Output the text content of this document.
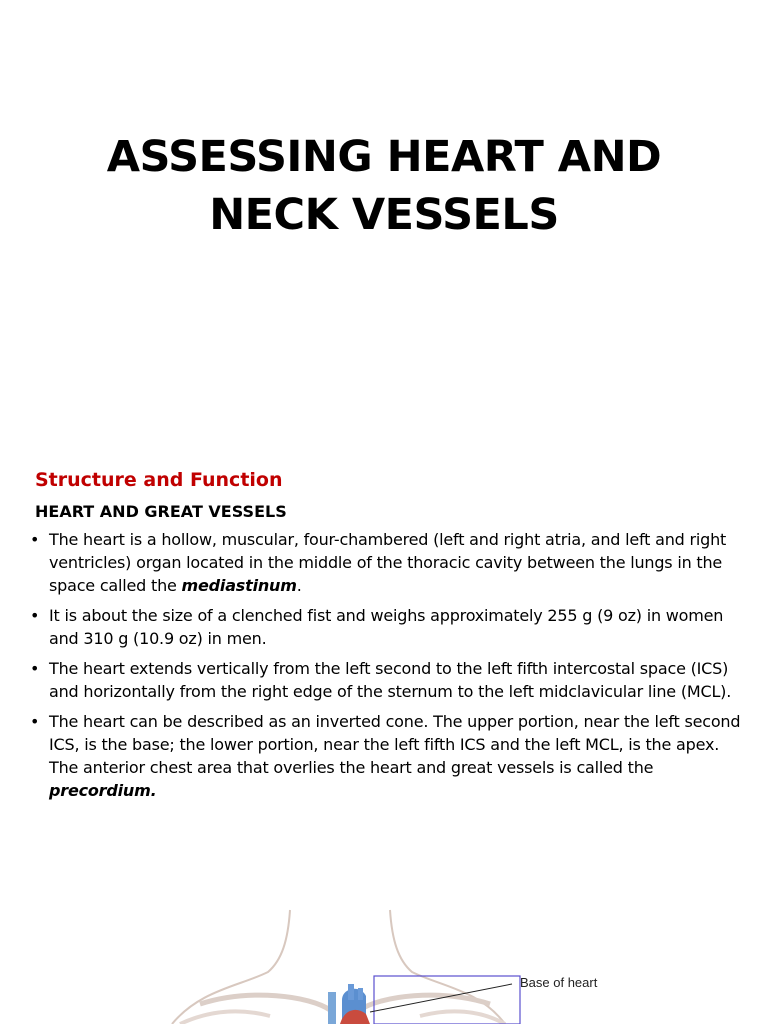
ASSESSING HEART AND
NECK VESSELS
Structure and Function
HEART AND GREAT VESSELS
• The heart is a hollow, muscular, four-chambered (left and right atria, and left and right ventricles) organ located in the middle of the thoracic cavity between the lungs in the space called the mediastinum.
• It is about the size of a clenched fist and weighs approximately 255 g (9 oz) in women and 310 g (10.9 oz) in men.
• The heart extends vertically from the left second to the left fifth intercostal space (ICS) and horizontally from the right edge of the sternum to the left midclavicular line (MCL).
• The heart can be described as an inverted cone. The upper portion, near the left second ICS, is the base; the lower portion, near the left fifth ICS and the left MCL, is the apex. The anterior chest area that overlies the heart and great vessels is called the precordium.
Base of heart
